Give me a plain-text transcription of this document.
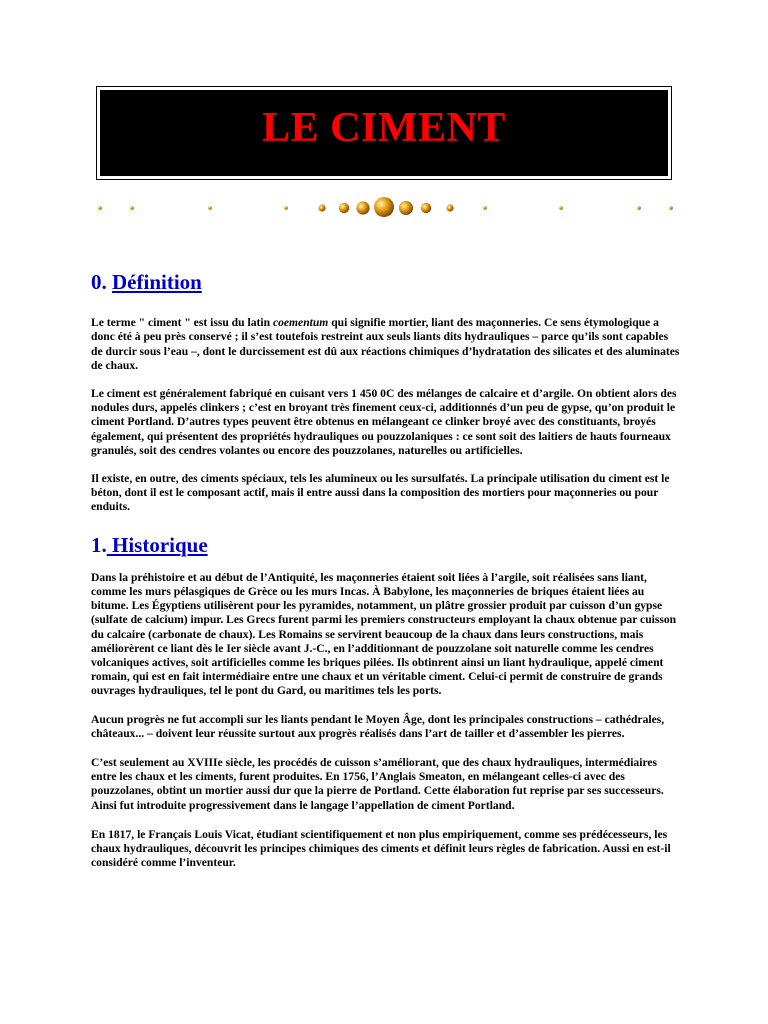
LE CIMENT
0. Définition

Le terme " ciment " est issu du latin coementum qui signifie mortier, liant des maçonneries. Ce sens étymologique a donc été à peu près conservé ; il s’est toutefois restreint aux seuls liants dits hydrauliques – parce qu’ils sont capables de durcir sous l’eau –, dont le durcissement est dû aux réactions chimiques d’hydratation des silicates et des aluminates de chaux.

Le ciment est généralement fabriqué en cuisant vers 1 450 0C des mélanges de calcaire et d’argile. On obtient alors des nodules durs, appelés clinkers ; c’est en broyant très finement ceux-ci, additionnés d’un peu de gypse, qu’on produit le ciment Portland. D’autres types peuvent être obtenus en mélangeant ce clinker broyé avec des constituants, broyés également, qui présentent des propriétés hydrauliques ou pouzzolaniques : ce sont soit des laitiers de hauts fourneaux granulés, soit des cendres volantes ou encore des pouzzolanes, naturelles ou artificielles.

Il existe, en outre, des ciments spéciaux, tels les alumineux ou les sursulfatés. La principale utilisation du ciment est le béton, dont il est le composant actif, mais il entre aussi dans la composition des mortiers pour maçonneries ou pour enduits.

1. Historique

Dans la préhistoire et au début de l’Antiquité, les maçonneries étaient soit liées à l’argile, soit réalisées sans liant, comme les murs pélasgiques de Grèce ou les murs Incas. À Babylone, les maçonneries de briques étaient liées au bitume. Les Égyptiens utilisèrent pour les pyramides, notamment, un plâtre grossier produit par cuisson d’un gypse (sulfate de calcium) impur. Les Grecs furent parmi les premiers constructeurs employant la chaux obtenue par cuisson du calcaire (carbonate de chaux). Les Romains se servirent beaucoup de la chaux dans leurs constructions, mais améliorèrent ce liant dès le Ier siècle avant J.-C., en l’additionnant de pouzzolane soit naturelle comme les cendres volcaniques actives, soit artificielles comme les briques pilées. Ils obtinrent ainsi un liant hydraulique, appelé ciment romain, qui est en fait intermédiaire entre une chaux et un véritable ciment. Celui-ci permit de construire de grands ouvrages hydrauliques, tel le pont du Gard, ou maritimes tels les ports.

Aucun progrès ne fut accompli sur les liants pendant le Moyen Âge, dont les principales constructions – cathédrales, châteaux... – doivent leur réussite surtout aux progrès réalisés dans l’art de tailler et d’assembler les pierres.

C’est seulement au XVIIIe siècle, les procédés de cuisson s’améliorant, que des chaux hydrauliques, intermédiaires entre les chaux et les ciments, furent produites. En 1756, l’Anglais Smeaton, en mélangeant celles-ci avec des pouzzolanes, obtint un mortier aussi dur que la pierre de Portland. Cette élaboration fut reprise par ses successeurs. Ainsi fut introduite progressivement dans le langage l’appellation de ciment Portland.

En 1817, le Français Louis Vicat, étudiant scientifiquement et non plus empiriquement, comme ses prédécesseurs, les chaux hydrauliques, découvrit les principes chimiques des ciments et définit leurs règles de fabrication. Aussi en est-il considéré comme l’inventeur.
